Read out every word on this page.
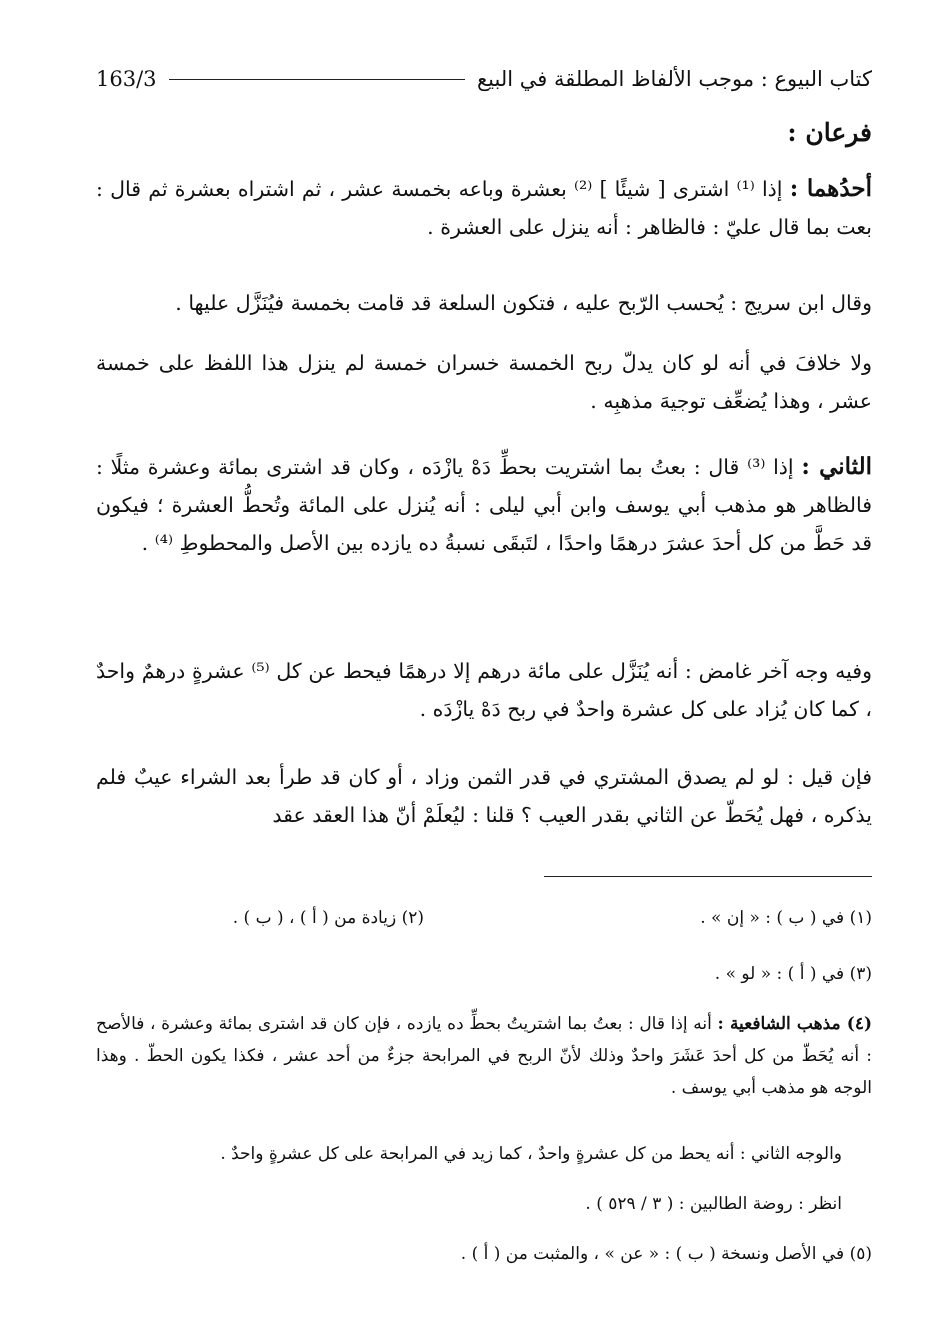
كتاب البيوع : موجب الألفاظ المطلقة في البيع
163/3
فرعان :

أحدُهما : إذا ⁽¹⁾ اشترى [ شيئًا ] ⁽²⁾ بعشرة وباعه بخمسة عشر ، ثم اشتراه بعشرة ثم قال : بعت بما قال عليّ : فالظاهر : أنه ينزل على العشرة .

وقال ابن سريج : يُحسب الرّبح عليه ، فتكون السلعة قد قامت بخمسة فيُنَزَّل عليها .

ولا خلافَ في أنه لو كان يدلّ ربح الخمسة خسران خمسة لم ينزل هذا اللفظ على خمسة عشر ، وهذا يُضعِّف توجيهَ مذهبِه .

الثاني : إذا ⁽³⁾ قال : بعتُ بما اشتريت بحطِّ دَهْ يازْدَه ، وكان قد اشترى بمائة وعشرة مثلًا : فالظاهر هو مذهب أبي يوسف وابن أبي ليلى : أنه يُنزل على المائة وتُحطُّ العشرة ؛ فيكون قد حَطَّ من كل أحدَ عشرَ درهمًا واحدًا ، لتَبقَى نسبةُ ده يازده بين الأصل والمحطوطِ ⁽⁴⁾ .

وفيه وجه آخر غامض : أنه يُنَزَّل على مائة درهم إلا درهمًا فيحط عن كل ⁽⁵⁾ عشرةٍ درهمٌ واحدٌ ، كما كان يُزاد على كل عشرة واحدٌ في ربح دَهْ يازْدَه .

فإن قيل : لو لم يصدق المشتري في قدر الثمن وزاد ، أو كان قد طرأ بعد الشراء عيبٌ فلم يذكره ، فهل يُحَطّ عن الثاني بقدر العيب ؟ قلنا : ليُعلَمْ أنّ هذا العقد عقد

(١) في ( ب ) : « إن » .
(٢) زيادة من ( أ ) ، ( ب ) .
(٣) في ( أ ) : « لو » .
(٤) مذهب الشافعية : أنه إذا قال : بعتُ بما اشتريتُ بحطِّ ده يازده ، فإن كان قد اشترى بمائة وعشرة ، فالأصح : أنه يُحَطّ من كل أحدَ عَشَرَ واحدٌ وذلك لأنّ الربح في المرابحة جزءٌ من أحد عشر ، فكذا يكون الحطّ . وهذا الوجه هو مذهب أبي يوسف .
والوجه الثاني : أنه يحط من كل عشرةٍ واحدٌ ، كما زيد في المرابحة على كل عشرةٍ واحدٌ .
انظر : روضة الطالبين : ( ٣ / ٥٢٩ ) .
(٥) في الأصل ونسخة ( ب ) : « عن » ، والمثبت من ( أ ) .
